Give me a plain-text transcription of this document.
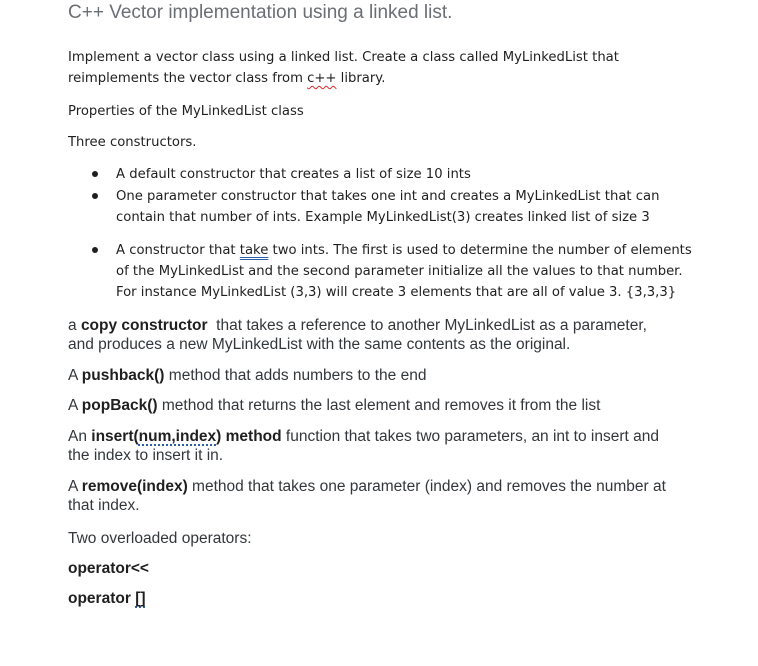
C++ Vector implementation using a linked list.
Implement a vector class using a linked list. Create a class called MyLinkedList that
reimplements the vector class from c++ library.
Properties of the MyLinkedList class
Three constructors.
A default constructor that creates a list of size 10 ints
One parameter constructor that takes one int and creates a MyLinkedList that can
contain that number of ints. Example MyLinkedList(3) creates linked list of size 3
A constructor that take two ints. The first is used to determine the number of elements
of the MyLinkedList and the second parameter initialize all the values to that number.
For instance MyLinkedList (3,3) will create 3 elements that are all of value 3. {3,3,3}
a copy constructor  that takes a reference to another MyLinkedList as a parameter,
and produces a new MyLinkedList with the same contents as the original.
A pushback() method that adds numbers to the end
A popBack() method that returns the last element and removes it from the list
An insert(num,index) method function that takes two parameters, an int to insert and
the index to insert it in.
A remove(index) method that takes one parameter (index) and removes the number at
that index.
Two overloaded operators:
operator<<
operator []
